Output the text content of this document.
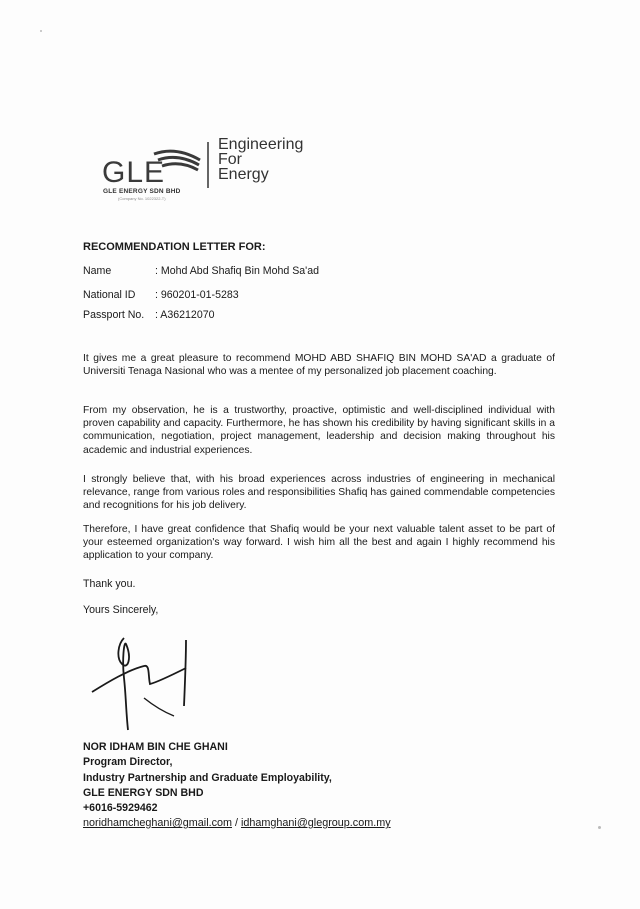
GLE
GLE ENERGY SDN BHD
(Company No. 1022322-T)
Engineering
For
Energy
RECOMMENDATION LETTER FOR:
Name	: Mohd Abd Shafiq Bin Mohd Sa'ad
National ID : 960201-01-5283
Passport No. : A36212070

It gives me a great pleasure to recommend MOHD ABD SHAFIQ BIN MOHD SA'AD a graduate of Universiti Tenaga Nasional who was a mentee of my personalized job placement coaching.

From my observation, he is a trustworthy, proactive, optimistic and well-disciplined individual with proven capability and capacity. Furthermore, he has shown his credibility by having significant skills in a communication, negotiation, project management, leadership and decision making throughout his academic and industrial experiences.

I strongly believe that, with his broad experiences across industries of engineering in mechanical relevance, range from various roles and responsibilities Shafiq has gained commendable competencies and recognitions for his job delivery.

Therefore, I have great confidence that Shafiq would be your next valuable talent asset to be part of your esteemed organization's way forward. I wish him all the best and again I highly recommend his application to your company.

Thank you.
Yours Sincerely,
NOR IDHAM BIN CHE GHANI
Program Director,
Industry Partnership and Graduate Employability,
GLE ENERGY SDN BHD
+6016-5929462
noridhamcheghani@gmail.com / idhamghani@glegroup.com.my
